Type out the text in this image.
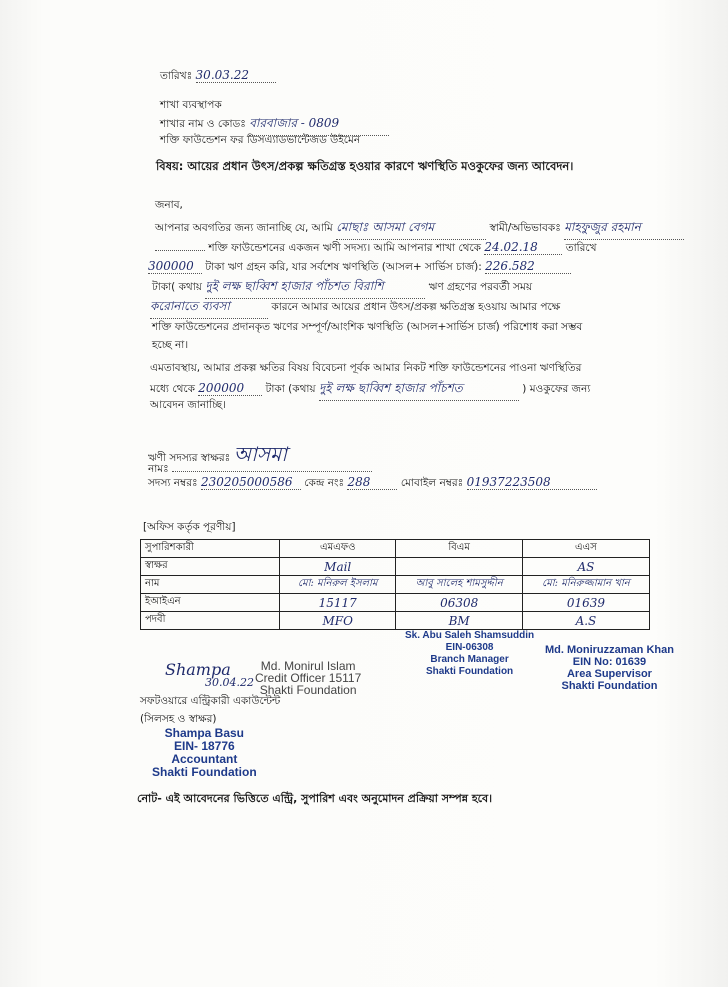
তারিখঃ 30.03.22
শাখা ব্যবস্থাপক
শাখার নাম ও কোডঃ বারবাজার - 0809
শক্তি ফাউন্ডেশন ফর ডিসএ্যাডভান্টেজড উইমেন
বিষয়: আয়ের প্রধান উৎস/প্রকল্প ক্ষতিগ্রস্ত হওয়ার কারণে ঋণস্থিতি মওকুফের জন্য আবেদন।
জনাব,
আপনার অবগতির জন্য জানাচ্ছি যে, আমি মোছাঃ আসমা বেগম	স্বামী/অভিভাবকঃ মাহফুজুর রহমান
শক্তি ফাউন্ডেশনের একজন ঋণী সদস্য। আমি আপনার শাখা থেকে 24.02.18	তারিখে
300000 টাকা ঋণ গ্রহন করি, যার সর্বশেষ ঋণস্থিতি (আসল+ সার্ভিস চার্জ): 226.582
টাকা( কথায় দুই লক্ষ ছাব্বিশ হাজার পাঁচশত বিরাশি	ঋণ গ্রহণের পরবর্তী সময়
করোনাতে ব্যবসা	কারনে আমার আয়ের প্রধান উৎস/প্রকল্প ক্ষতিগ্রস্ত হওয়ায় আমার পক্ষে
শক্তি ফাউন্ডেশনের প্রদানকৃত ঋণের সম্পূর্ণ/আংশিক ঋণস্থিতি (আসল+সার্ভিস চার্জ) পরিশোধ করা সম্ভব
হচ্ছে না।
এমতাবস্থায়, আমার প্রকল্প ক্ষতির বিষয় বিবেচনা পূর্বক আমার নিকট শক্তি ফাউন্ডেশনের পাওনা ঋণস্থিতির
মধ্যে থেকে 200000 টাকা (কথায় দুই লক্ষ ছাব্বিশ হাজার পাঁচশত	) মওকুফের জন্য
আবেদন জানাচ্ছি।
ঋণী সদস্যর স্বাক্ষরঃ আসমা
নামঃ
সদস্য নম্বরঃ 230205000586 কেন্দ্র নংঃ 288	মোবাইল নম্বরঃ 01937223508
[অফিস কর্তৃক পূরণীয়]
সুপারিশকারী	এমএফও	বিএম	এএস
স্বাক্ষর	Mail		AS
নাম	মো: মনিরুল ইসলাম	আবু সালেহ শামসুদ্দীন	মো: মনিরুজ্জামান খান
ইআইএন	15117	06308	01639
পদবী	MFO	BM	A.S
Md. Monirul Islam
Credit Officer 15117
Shakti Foundation
Sk. Abu Saleh Shamsuddin
EIN-06308
Branch Manager
Shakti Foundation
Md. Moniruzzaman Khan
EIN No: 01639
Area Supervisor
Shakti Foundation
Shampa
30.04.22
সফটওয়ারে এন্ট্রিকারী একাউন্টেন্ট
(সিলসহ ও স্বাক্ষর)
Shampa Basu
EIN- 18776
Accountant
Shakti Foundation
নোট- এই আবেদনের ভিত্তিতে এন্ট্রি, সুপারিশ এবং অনুমোদন প্রক্রিয়া সম্পন্ন হবে।
